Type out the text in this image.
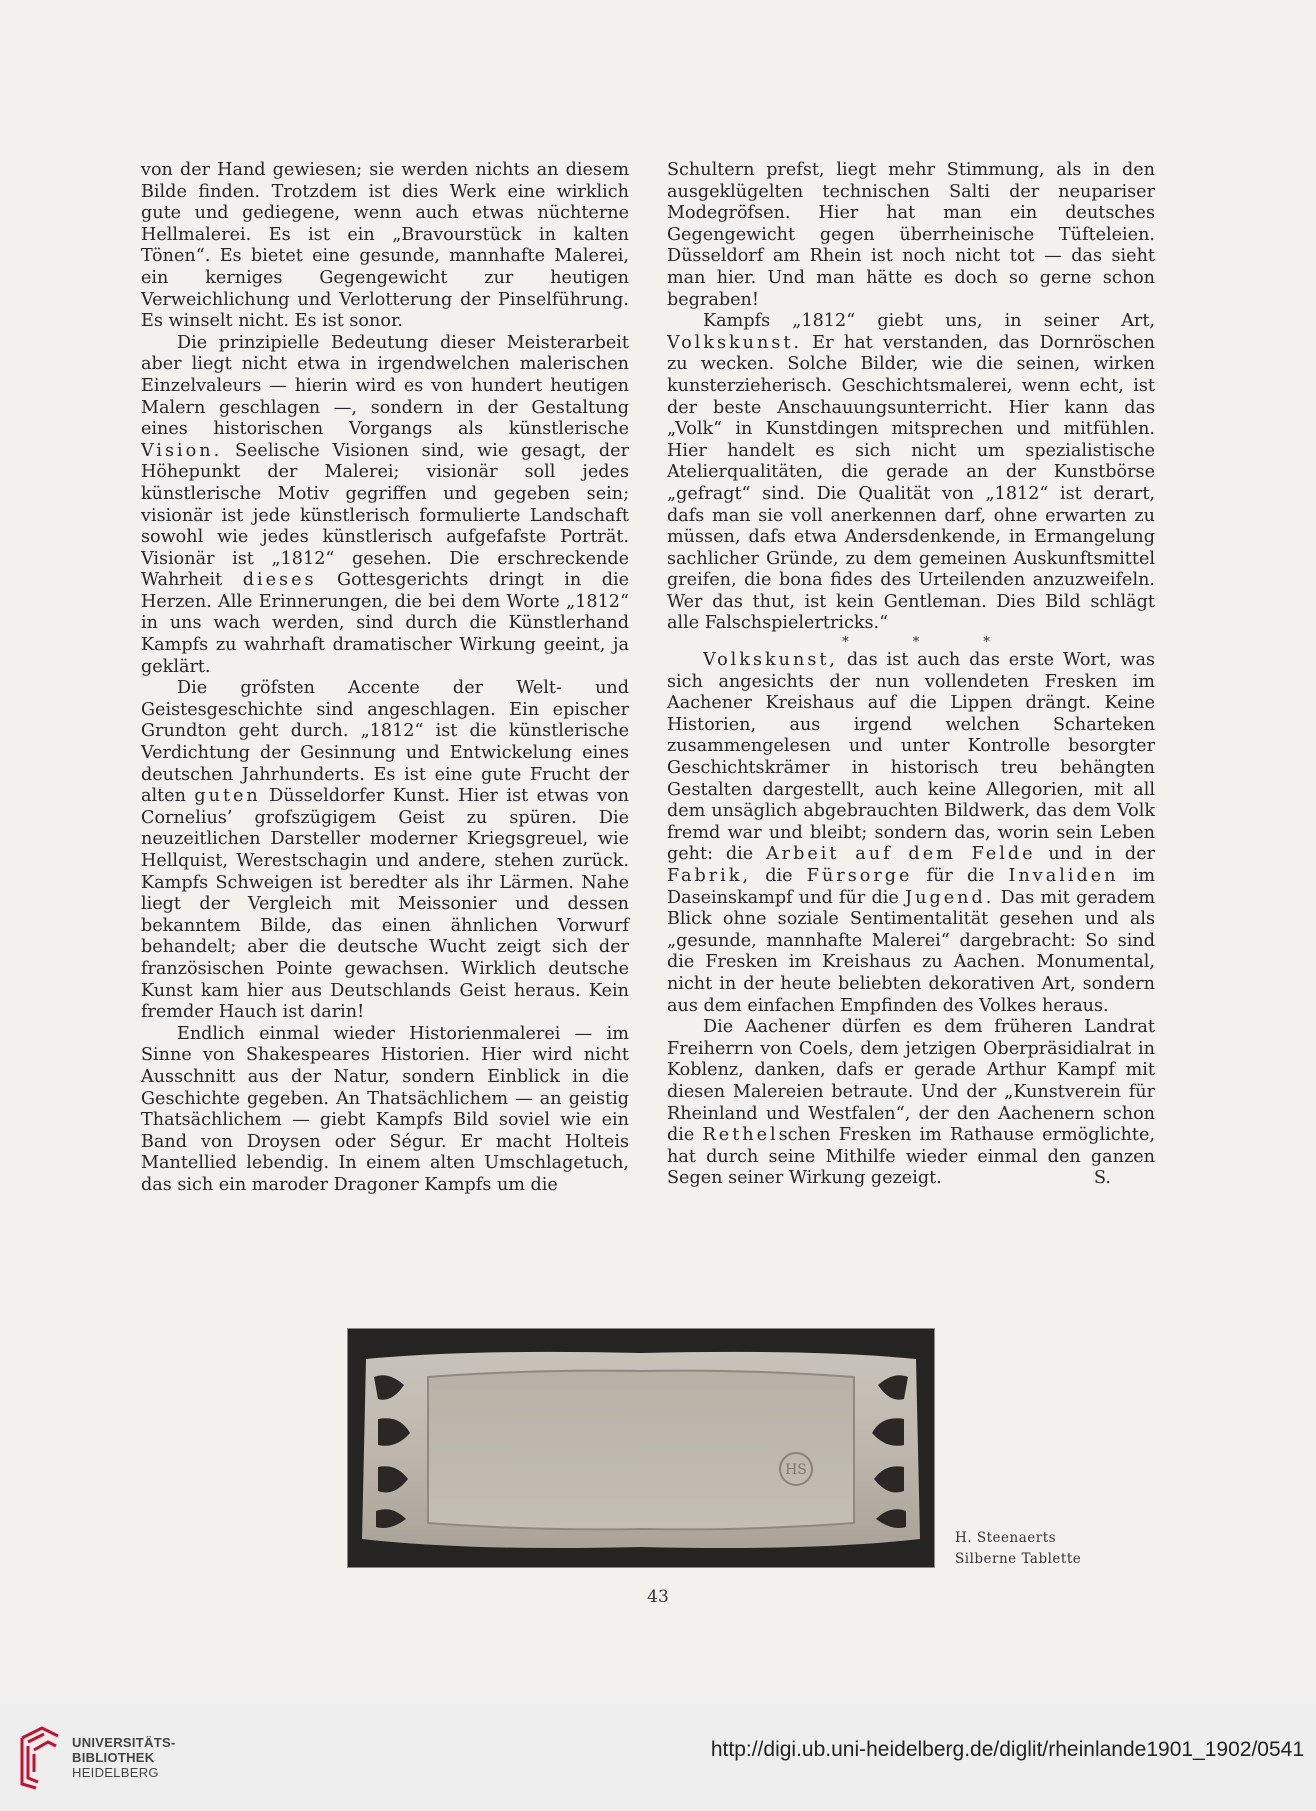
von der Hand gewiesen; sie werden nichts an diesem Bilde finden. Trotzdem ist dies Werk eine wirklich gute und gediegene, wenn auch etwas nüchterne Hellmalerei. Es ist ein „Bravourstück in kalten Tönen“. Es bietet eine gesunde, mannhafte Malerei, ein kerniges Gegengewicht zur heutigen Verweichlichung und Verlotterung der Pinselführung. Es winselt nicht. Es ist sonor.

Die prinzipielle Bedeutung dieser Meisterarbeit aber liegt nicht etwa in irgendwelchen malerischen Einzelvaleurs — hierin wird es von hundert heutigen Malern geschlagen —, sondern in der Gestaltung eines historischen Vorgangs als künstlerische Vision. Seelische Visionen sind, wie gesagt, der Höhepunkt der Malerei; visionär soll jedes künstlerische Motiv gegriffen und gegeben sein; visionär ist jede künstlerisch formulierte Landschaft sowohl wie jedes künstlerisch aufgefafste Porträt. Visionär ist „1812“ gesehen. Die erschreckende Wahrheit dieses Gottesgerichts dringt in die Herzen. Alle Erinnerungen, die bei dem Worte „1812“ in uns wach werden, sind durch die Künstlerhand Kampfs zu wahrhaft dramatischer Wirkung geeint, ja geklärt.

Die gröfsten Accente der Welt- und Geistesgeschichte sind angeschlagen. Ein epischer Grundton geht durch. „1812“ ist die künstlerische Verdichtung der Gesinnung und Entwickelung eines deutschen Jahrhunderts. Es ist eine gute Frucht der alten guten Düsseldorfer Kunst. Hier ist etwas von Cornelius’ grofszügigem Geist zu spüren. Die neuzeitlichen Darsteller moderner Kriegsgreuel, wie Hellquist, Werestschagin und andere, stehen zurück. Kampfs Schweigen ist beredter als ihr Lärmen. Nahe liegt der Vergleich mit Meissonier und dessen bekanntem Bilde, das einen ähnlichen Vorwurf behandelt; aber die deutsche Wucht zeigt sich der französischen Pointe gewachsen. Wirklich deutsche Kunst kam hier aus Deutschlands Geist heraus. Kein fremder Hauch ist darin!

Endlich einmal wieder Historienmalerei — im Sinne von Shakespeares Historien. Hier wird nicht Ausschnitt aus der Natur, sondern Einblick in die Geschichte gegeben. An Thatsächlichem — an geistig Thatsächlichem — giebt Kampfs Bild soviel wie ein Band von Droysen oder Ségur. Er macht Holteis Mantellied lebendig. In einem alten Umschlagetuch, das sich ein maroder Dragoner Kampfs um die

Schultern prefst, liegt mehr Stimmung, als in den ausgeklügelten technischen Salti der neupariser Modegröfsen. Hier hat man ein deutsches Gegengewicht gegen überrheinische Tüfteleien. Düsseldorf am Rhein ist noch nicht tot — das sieht man hier. Und man hätte es doch so gerne schon begraben!

Kampfs „1812“ giebt uns, in seiner Art, Volkskunst. Er hat verstanden, das Dornröschen zu wecken. Solche Bilder, wie die seinen, wirken kunsterzieherisch. Geschichtsmalerei, wenn echt, ist der beste Anschauungsunterricht. Hier kann das „Volk“ in Kunstdingen mitsprechen und mitfühlen. Hier handelt es sich nicht um spezialistische Atelierqualitäten, die gerade an der Kunstbörse „gefragt“ sind. Die Qualität von „1812“ ist derart, dafs man sie voll anerkennen darf, ohne erwarten zu müssen, dafs etwa Andersdenkende, in Ermangelung sachlicher Gründe, zu dem gemeinen Auskunftsmittel greifen, die bona fides des Urteilenden anzuzweifeln. Wer das thut, ist kein Gentleman. Dies Bild schlägt alle Falschspielertricks.“

* * *

Volkskunst, das ist auch das erste Wort, was sich angesichts der nun vollendeten Fresken im Aachener Kreishaus auf die Lippen drängt. Keine Historien, aus irgend welchen Scharteken zusammengelesen und unter Kontrolle besorgter Geschichtskrämer in historisch treu behängten Gestalten dargestellt, auch keine Allegorien, mit all dem unsäglich abgebrauchten Bildwerk, das dem Volk fremd war und bleibt; sondern das, worin sein Leben geht: die Arbeit auf dem Felde und in der Fabrik, die Fürsorge für die Invaliden im Daseinskampf und für die Jugend. Das mit geradem Blick ohne soziale Sentimentalität gesehen und als „gesunde, mannhafte Malerei“ dargebracht: So sind die Fresken im Kreishaus zu Aachen. Monumental, nicht in der heute beliebten dekorativen Art, sondern aus dem einfachen Empfinden des Volkes heraus.

Die Aachener dürfen es dem früheren Landrat Freiherrn von Coels, dem jetzigen Oberpräsidialrat in Koblenz, danken, dafs er gerade Arthur Kampf mit diesen Malereien betraute. Und der „Kunstverein für Rheinland und Westfalen“, der den Aachenern schon die Rethelschen Fresken im Rathause ermöglichte, hat durch seine Mithilfe wieder einmal den ganzen Segen seiner Wirkung gezeigt.	S.

HS
H. Steenaerts
Silberne Tablette
43
UNIVERSITÄTS-
BIBLIOTHEK
HEIDELBERG
http://digi.ub.uni-heidelberg.de/diglit/rheinlande1901_1902/0541
